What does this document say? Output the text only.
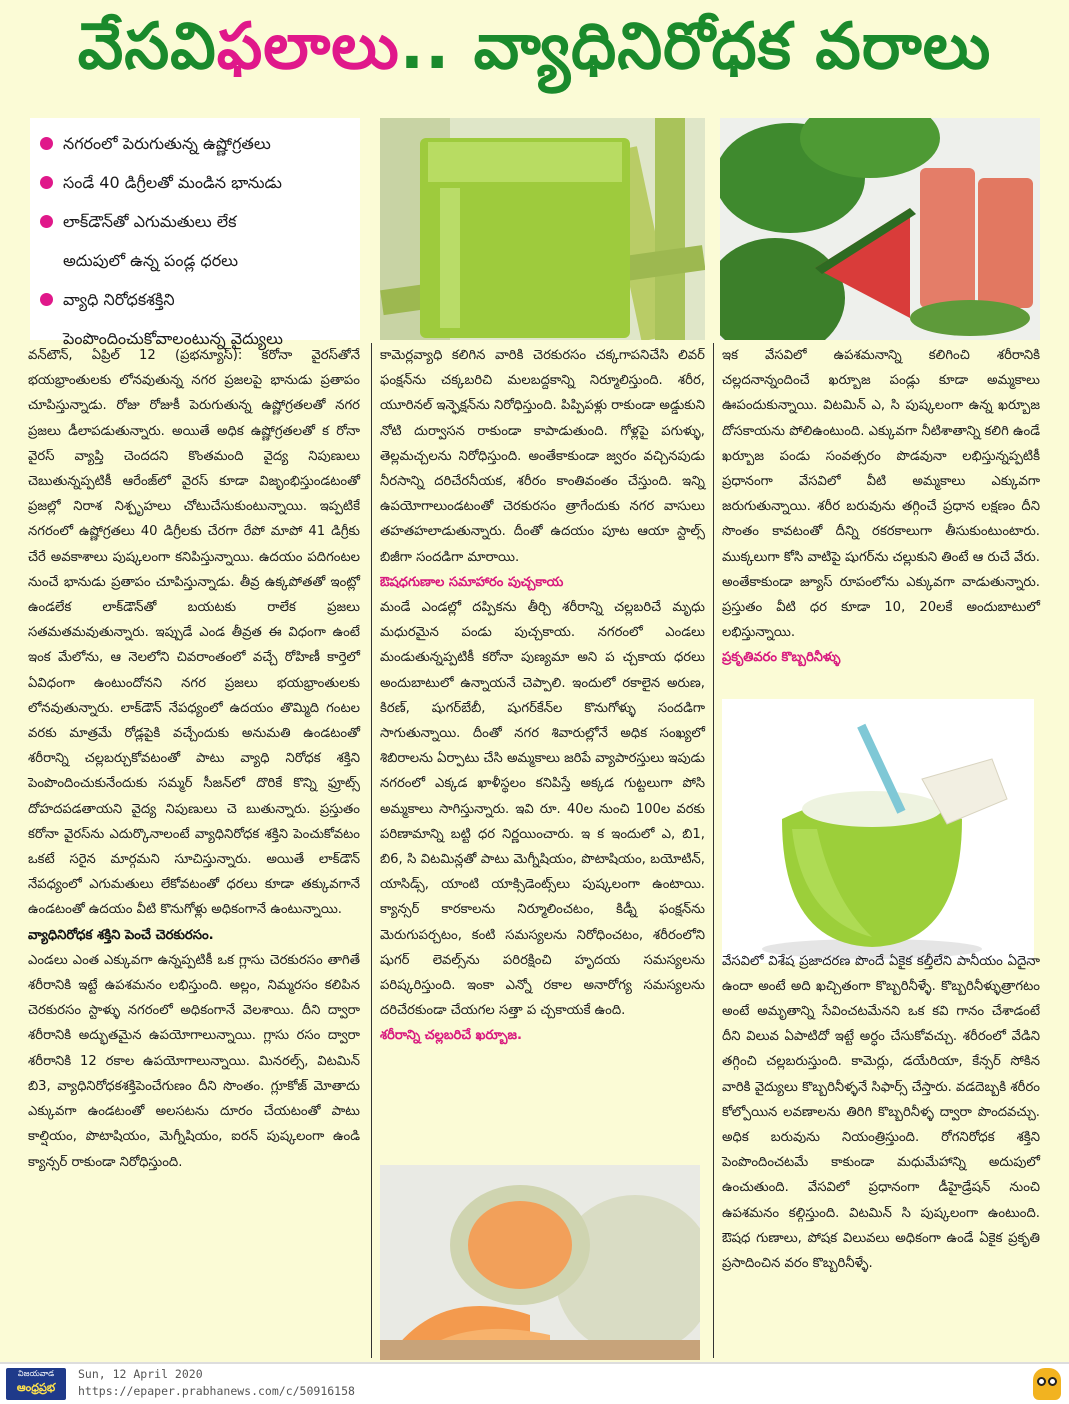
వేసవి ఫలాలు .. వ్యాధినిరోధక వరాలు
నగరంలో పెరుగుతున్న ఉష్ణోగ్రతలు
సండే 40 డిగ్రీలతో మండిన భానుడు
లాక్‌డౌన్‌తో ఎగుమతులు లేక
అదుపులో ఉన్న పండ్ల ధరలు
వ్యాధి నిరోధకశక్తిని
పెంపొందించుకోవాలంటున్న వైద్యులు

వన్‌టౌన్, ఏప్రిల్ 12 (ప్రభన్యూస్): కరోనా వైరస్‌తోనే భయభ్రాంతులకు లోనవుతున్న నగర ప్రజలపై భానుడు ప్రతాపం చూపిస్తున్నాడు. రోజు రోజుకీ పెరుగుతున్న ఉష్ణోగ్రతలతో నగర ప్రజలు డీలాపడుతున్నారు. అయితే అధిక ఉష్ణోగ్రతలతో క రోనా వైరస్ వ్యాప్తి చెందదని కొంతమంది వైద్య నిపుణులు చెబుతున్నప్పటికీ ఆరేంజ్‌లో వైరస్ కూడా విజృంభిస్తుండటంతో ప్రజల్లో నిరాశ నిశ్పృహలు చోటుచేసుకుంటున్నాయి. ఇప్పటికే నగరంలో ఉష్ణోగ్రతలు 40 డిగ్రీలకు చేరగా రేపో మాపో 41 డిగ్రీకు చేరే అవకాశాలు పుష్కలంగా కనిపిస్తున్నాయి. ఉదయం పదిగంటల నుంచే భానుడు ప్రతాపం చూపిస్తున్నాడు. తీవ్ర ఉక్కపోతతో ఇంట్లో ఉండలేక లాక్‌డౌన్‌తో బయటకు రాలేక ప్రజలు సతమతమవుతున్నారు. ఇప్పుడే ఎండ తీవ్రత ఈ విధంగా ఉంటే ఇంక మేలోను, ఆ నెలలోని చివరాంతంలో వచ్చే రోహిణీ కార్తెలో ఏవిధంగా ఉంటుందోనని నగర ప్రజలు భయభ్రాంతులకు లోనవుతున్నారు. లాక్‌డౌన్ నేపధ్యంలో ఉదయం తొమ్మిది గంటల వరకు మాత్రమే రోడ్లపైకి వచ్చేందుకు అనుమతి ఉండటంతో శరీరాన్ని చల్లబర్చుకోవటంతో పాటు వ్యాధి నిరోధక శక్తిని పెంపొందించుకునేందుకు సమ్మర్ సీజన్‌లో దొరికే కొన్ని ఫ్రూట్స్ దోహదపడతాయని వైద్య నిపుణులు చె బుతున్నారు. ప్రస్తుతం కరోనా వైరస్‌ను ఎదుర్కొనాలంటే వ్యాధినిరోధక శక్తిని పెంచుకోవటం ఒకటే సరైన మార్గమని సూచిస్తున్నారు. అయితే లాక్‌డౌన్ నేపధ్యంలో ఎగుమతులు లేకోవటంతో ధరలు కూడా తక్కువగానే ఉండటంతో ఉదయం వీటి కొనుగోళ్లు అధికంగానే ఉంటున్నాయి.

వ్యాధినిరోధక శక్తిని పెంచే చెరకురసం.

ఎండలు ఎంత ఎక్కువగా ఉన్నప్పటికీ ఒక గ్లాసు చెరకురసం తాగితే శరీరానికి ఇట్టే ఉపశమనం లభిస్తుంది. అల్లం, నిమ్మరసం కలిపిన చెరకురసం స్టాళ్ళు నగరంలో అధికంగానే వెలశాయి. దీని ద్వారా శరీరానికి అద్భుతమైన ఉపయోగాలున్నాయి. గ్లాసు రసం ద్వారా శరీరానికి 12 రకాల ఉపయోగాలున్నాయి. మినరల్స్, విటమిన్ బి3, వ్యాధినిరోధకశక్తిపెంచేగుణం దీని సొంతం. గ్లూకోజ్ మోతాదు ఎక్కువగా ఉండటంతో అలసటను దూరం చేయటంతో పాటు కాల్షియం, పొటాషియం, మెగ్నీషియం, ఐరన్ పుష్కలంగా ఉండి క్యాన్సర్ రాకుండా నిరోధిస్తుంది.

కామెర్లవ్యాధి కలిగిన వారికి చెరకురసం చక్కగాపనిచేసి లివర్ ఫంక్షన్‌ను చక్కబరిచి మలబద్దకాన్ని నిర్మూలిస్తుంది. శరీర, యూరినల్ ఇన్ఫెక్షన్‌ను నిరోధిస్తుంది. పిప్పిపళ్లు రాకుండా అడ్డుకుని నోటి దుర్వాసన రాకుండా కాపాడుతుంది. గోళ్లపై పగుళ్ళు, తెల్లమచ్చలను నిరోధిస్తుంది. అంతేకాకుండా జ్వరం వచ్చినపుడు నీరసాన్ని దరిచేరనీయక, శరీరం కాంతివంతం చేస్తుంది. ఇన్ని ఉపయోగాలుండటంతో చెరకురసం త్రాగేందుకు నగర వాసులు తహతహలాడుతున్నారు. దీంతో ఉదయం పూట ఆయా స్టాల్స్ బిజీగా సందడిగా మారాయి.

ఔషధగుణాల సమాహారం పుచ్చకాయ

మండే ఎండల్లో దప్పికను తీర్చి శరీరాన్ని చల్లబరిచే మృధు మధురమైన పండు పుచ్చకాయ. నగరంలో ఎండలు మండుతున్నప్పటికీ కరోనా పుణ్యమా అని ప చ్చకాయ ధరలు అందుబాటులో ఉన్నాయనే చెప్పాలి. ఇందులో రకాలైన అరుణ, కిరణ్, షుగర్‌బేబీ, షుగర్‌కేన్‌ల కొనుగోళ్ళు సందడిగా సాగుతున్నాయి. దీంతో నగర శివారుల్లోనే అధిక సంఖ్యలో శిబిరాలను ఏర్పాటు చేసి అమ్మకాలు జరిపే వ్యాపారస్తులు ఇపుడు నగరంలో ఎక్కడ ఖాళీస్థలం కనిపిస్తే అక్కడ గుట్టలుగా పోసి అమ్మకాలు సాగిస్తున్నారు. ఇవి రూ. 40ల నుంచి 100ల వరకు పరిణామాన్ని బట్టి ధర నిర్ణయించారు. ఇ క ఇందులో ఎ, బి1, బి6, సి విటమిన్లతో పాటు మెగ్నీషియం, పొటాషియం, బయోటిన్, యాసిడ్స్, యాంటి యాక్సిడెంట్స్‌లు పుష్కలంగా ఉంటాయి. క్యాన్సర్ కారకాలను నిర్మూలించటం, కిడ్నీ ఫంక్షన్‌ను మెరుగుపర్చటం, కంటి సమస్యలను నిరోధించటం, శరీరంలోని షుగర్ లెవల్స్‌ను పరిరక్షించి హృదయ సమస్యలను పరిష్కరిస్తుంది. ఇంకా ఎన్నో రకాల అనారోగ్య సమస్యలను దరిచేరకుండా చేయగల సత్తా ప చ్చకాయకే ఉంది.

శరీరాన్ని చల్లబరిచే ఖర్బూజ.

ఇక వేసవిలో ఉపశమనాన్ని కలిగించి శరీరానికి చల్లదనాన్నందించే ఖర్బూజ పండ్లు కూడా అమ్మకాలు ఊపందుకున్నాయి. విటమిన్ ఎ, సి పుష్కలంగా ఉన్న ఖర్బూజ దోసకాయను పోలిఉంటుంది. ఎక్కువగా నీటిశాతాన్ని కలిగి ఉండే ఖర్బూజ పండు సంవత్సరం పొడవునా లభిస్తున్నప్పటికీ ప్రధానంగా వేసవిలో వీటి అమ్మకాలు ఎక్కువగా జరుగుతున్నాయి. శరీర బరువును తగ్గించే ప్రధాన లక్షణం దీని సొంతం కావటంతో దీన్ని రకరకాలుగా తీసుకుంటుంటారు. ముక్కలుగా కోసి వాటిపై షుగర్‌ను చల్లుకుని తింటే ఆ రుచే వేరు. అంతేకాకుండా జ్యూస్ రూపంలోను ఎక్కువగా వాడుతున్నారు. ప్రస్తుతం వీటి ధర కూడా 10, 20లకే అందుబాటులో లభిస్తున్నాయి.

ప్రకృతివరం కొబ్బరినీళ్ళు

వేసవిలో విశేష ప్రజాదరణ పొందే ఏకైక కల్తీలేని పానీయం ఏదైనా ఉందా అంటే అది ఖచ్చితంగా కొబ్బరినీళ్ళే. కొబ్బరినీళ్ళుత్రాగటం అంటే అమృతాన్ని సేవించటమేనని ఒక కవి గానం చేశాడంటే దీని విలువ ఏపాటిదో ఇట్టే అర్ధం చేసుకోవచ్చు. శరీరంలో వేడిని తగ్గించి చల్లబరుస్తుంది. కామెర్లు, డయేరియా, కేన్సర్ సోకిన వారికి వైద్యులు కొబ్బరినీళ్ళనే సిఫార్స్ చేస్తారు. వడదెబ్బకి శరీరం కోల్పోయిన లవణాలను తిరిగి కొబ్బరినీళ్ళ ద్వారా పొందవచ్చు. అధిక బరువును నియంత్రిస్తుంది. రోగనిరోధక శక్తిని పెంపొందించటమే కాకుండా మధుమేహాన్ని అదుపులో ఉంచుతుంది. వేసవిలో ప్రధానంగా డీహైడ్రేషన్ నుంచి ఉపశమనం కల్గిస్తుంది. విటమిన్ సి పుష్కలంగా ఉంటుంది. ఔషధ గుణాలు, పోషక విలువలు అధికంగా ఉండే ఏకైక ప్రకృతి ప్రసాదించిన వరం కొబ్బరినీళ్ళే.

విజయవాడ
ఆంధ్రప్రభ
Sun, 12 April 2020
https://epaper.prabhanews.com/c/50916158
